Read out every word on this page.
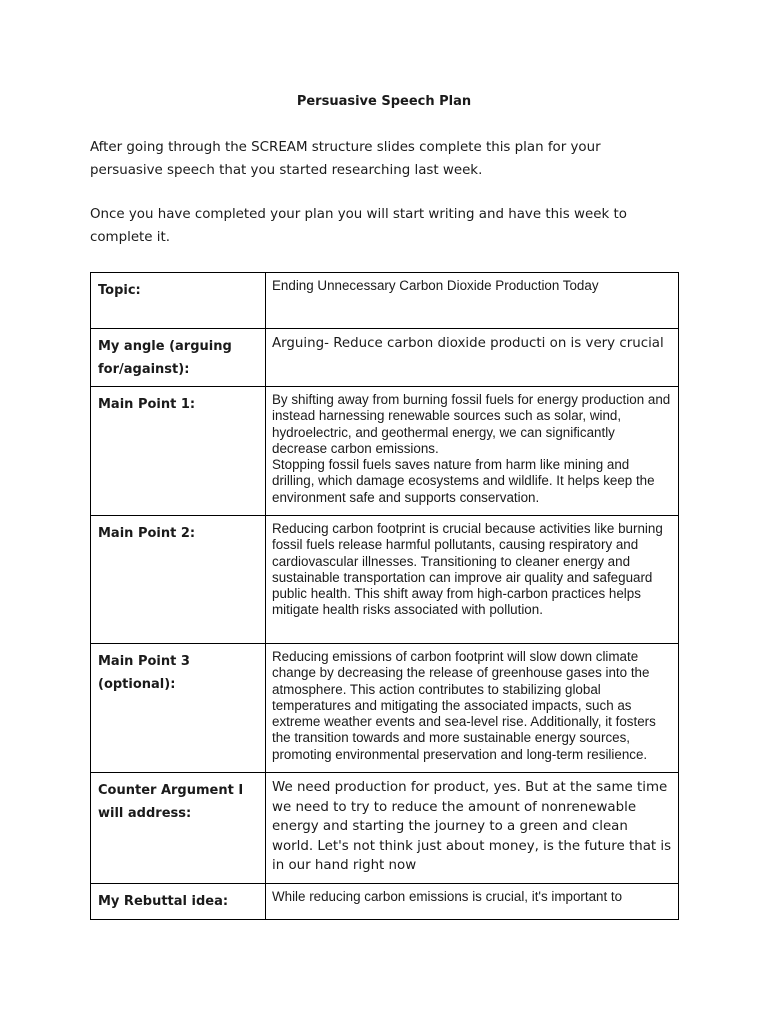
Persuasive Speech Plan

After going through the SCREAM structure slides complete this plan for your persuasive speech that you started researching last week.

Once you have completed your plan you will start writing and have this week to complete it.

Topic:	Ending Unnecessary Carbon Dioxide Production Today

My angle (arguing for/against):	Arguing- Reduce carbon dioxide producti on is very crucial

Main Point 1:	By shifting away from burning fossil fuels for energy production and instead harnessing renewable sources such as solar, wind, hydroelectric, and geothermal energy, we can significantly decrease carbon emissions.

Stopping fossil fuels saves nature from harm like mining and drilling, which damage ecosystems and wildlife. It helps keep the environment safe and supports conservation.

Main Point 2:	Reducing carbon footprint is crucial because activities like burning fossil fuels release harmful pollutants, causing respiratory and cardiovascular illnesses. Transitioning to cleaner energy and sustainable transportation can improve air quality and safeguard public health. This shift away from high-carbon practices helps mitigate health risks associated with pollution.

Main Point 3 (optional):	Reducing emissions of carbon footprint will slow down climate change by decreasing the release of greenhouse gases into the atmosphere. This action contributes to stabilizing global temperatures and mitigating the associated impacts, such as extreme weather events and sea-level rise. Additionally, it fosters the transition towards and more sustainable energy sources, promoting environmental preservation and long-term resilience.

Counter Argument I will address:	We need production for product, yes. But at the same time we need to try to reduce the amount of nonrenewable energy and starting the journey to a green and clean world. Let's not think just about money, is the future that is in our hand right now

My Rebuttal idea:	While reducing carbon emissions is crucial, it's important to
